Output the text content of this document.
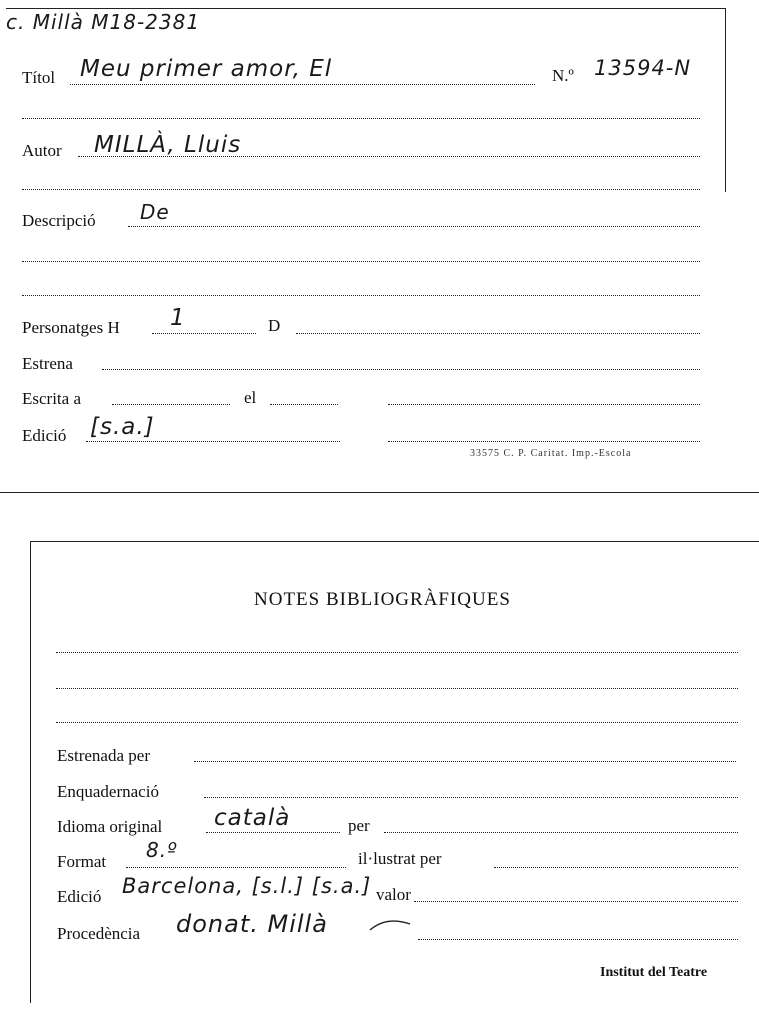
c. Millà M18-2381
Títol Meu primer amor, El	N.º 13594-N
Autor MILLÀ, Lluis
Descripció De
Personatges H 1	D
Estrena
Escrita a	el
Edició [s.a.]
33575 C. P. Caritat. Imp.-Escola
NOTES BIBLIOGRÀFIQUES
Estrenada per
Enquadernació
Idioma original català	per
Format 8.º	il·lustrat per
Edició Barcelona, [s.l.] [s.a.] valor
Procedència donat. Millà
Institut del Teatre
